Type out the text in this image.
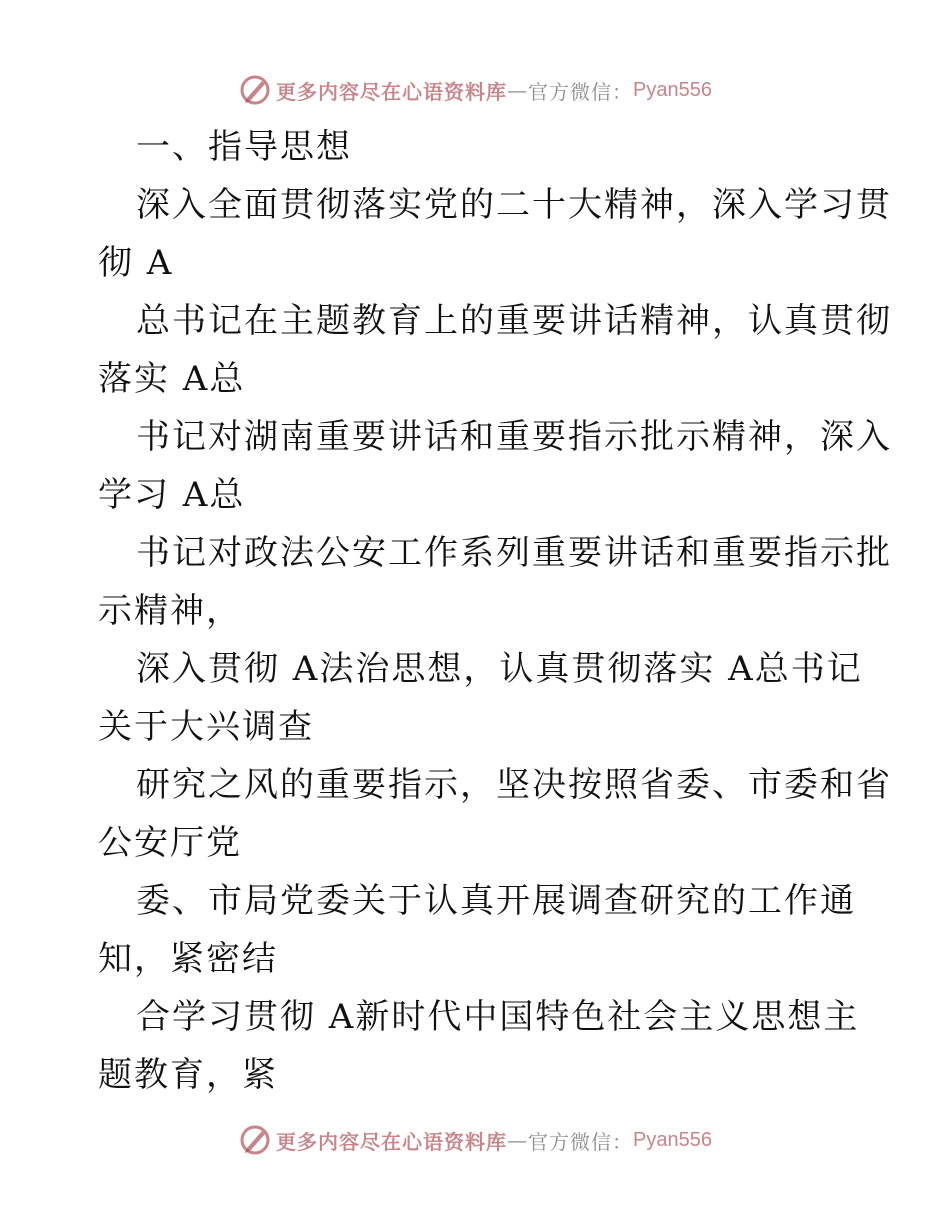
更多内容尽在心语资料库 — 官方微信： Pyan556
一、指导思想
深入全面贯彻落实党的二十大精神，深入学习贯
彻 A
总书记在主题教育上的重要讲话精神，认真贯彻
落实 A总
书记对湖南重要讲话和重要指示批示精神，深入
学习 A总
书记对政法公安工作系列重要讲话和重要指示批
示精神，
深入贯彻 A法治思想，认真贯彻落实 A总书记
关于大兴调查
研究之风的重要指示，坚决按照省委、市委和省
公安厅党
委、市局党委关于认真开展调查研究的工作通
知，紧密结
合学习贯彻 A新时代中国特色社会主义思想主
题教育，紧
更多内容尽在心语资料库 — 官方微信： Pyan556
